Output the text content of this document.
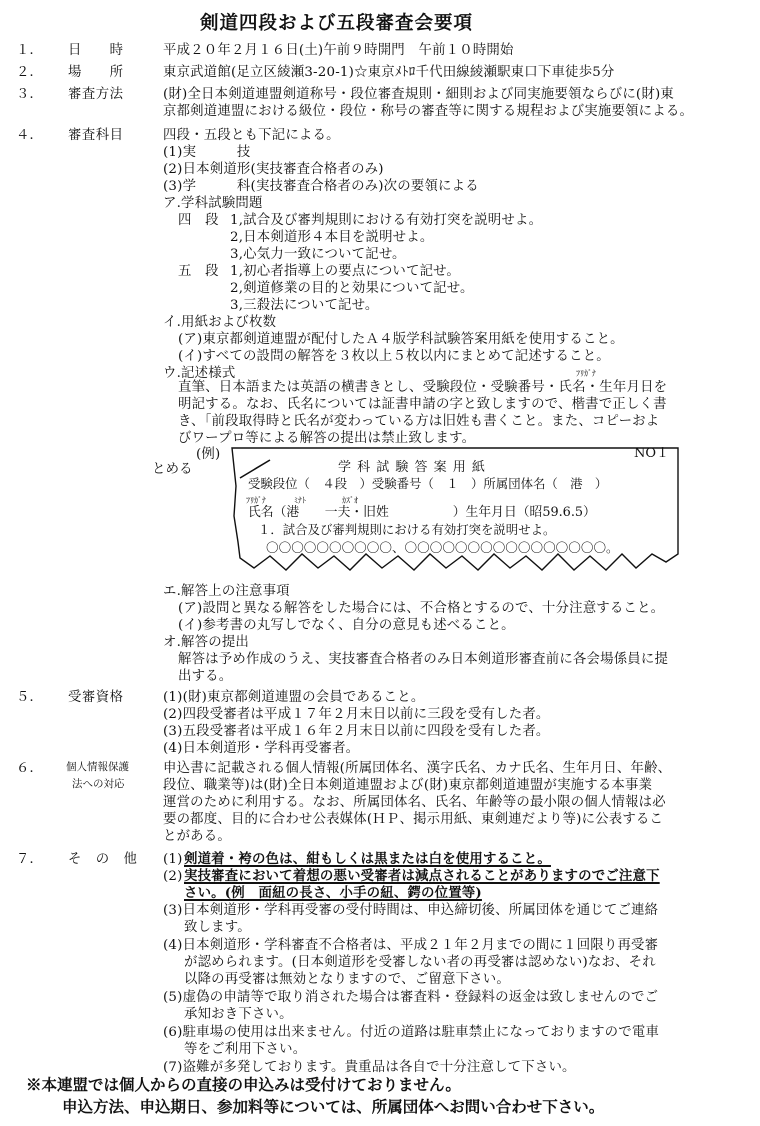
剣道四段および五段審査会要項
１.	日　　時	平成２０年２月１６日(土)午前９時開門　午前１０時開始
２.	場　　所	東京武道館(足立区綾瀬3-20-1)☆東京ﾒﾄﾛ千代田線綾瀬駅東口下車徒歩5分
３.	審査方法	(財)全日本剣道連盟剣道称号・段位審査規則・細則および同実施要領ならびに(財)東
京都剣道連盟における級位・段位・称号の審査等に関する規程および実施要領による。
４.	審査科目	四段・五段とも下記による。
(1)実　　　技
(2)日本剣道形(実技審査合格者のみ)
(3)学　　　科(実技審査合格者のみ)次の要領による
ア.学科試験問題
四　段 1,試合及び審判規則における有効打突を説明せよ。
2,日本剣道形４本目を説明せよ。
3,心気力一致について記せ。
五　段 1,初心者指導上の要点について記せ。
2,剣道修業の目的と効果について記せ。
3,三殺法について記せ。
イ.用紙および枚数
(ア)東京都剣道連盟が配付したＡ４版学科試験答案用紙を使用すること。
(イ)すべての設問の解答を３枚以上５枚以内にまとめて記述すること。
ウ.記述様式	ﾌﾘｶﾞﾅ
直筆、日本語または英語の横書きとし、受験段位・受験番号・氏名・生年月日を
明記する。なお、氏名については証書申請の字と致しますので、楷書で正しく書
き、「前段取得時と氏名が変わっている方は旧姓も書くこと。また、コピーおよ
びワープロ等による解答の提出は禁止致します。
(例)
とめる
NO１
学 科 試 験 答 案 用 紙
受験段位（　４段　）受験番号（　１　）所属団体名（　港　）
ﾌﾘｶﾞﾅ	ﾐﾅﾄ	ｶｽﾞｵ
氏名（港　　一夫・旧姓　　　　　）生年月日（昭59.6.5）
１．試合及び審判規則における有効打突を説明せよ。
〇〇〇〇〇〇〇〇〇〇、〇〇〇〇〇〇〇〇〇〇〇〇〇〇〇〇。
エ.解答上の注意事項
(ア)設問と異なる解答をした場合には、不合格とするので、十分注意すること。
(イ)参考書の丸写しでなく、自分の意見も述べること。
オ.解答の提出
解答は予め作成のうえ、実技審査合格者のみ日本剣道形審査前に各会場係員に提
出する。
５.	受審資格	(1)(財)東京都剣道連盟の会員であること。
(2)四段受審者は平成１７年２月末日以前に三段を受有した者。
(3)五段受審者は平成１６年２月末日以前に四段を受有した者。
(4)日本剣道形・学科再受審者。
６.	個人情報保護
法への対応
申込書に記載される個人情報(所属団体名、漢字氏名、カナ氏名、生年月日、年齢、
段位、職業等)は(財)全日本剣道連盟および(財)東京都剣道連盟が実施する本事業
運営のために利用する。なお、所属団体名、氏名、年齢等の最小限の個人情報は必
要の都度、目的に合わせ公表媒体(ＨＰ、掲示用紙、東剣連だより等)に公表するこ
とがある。
７.	そ　の　他 (1) 剣道着・袴の色は、紺もしくは黒または白を使用すること。
(2) 実技審査において着想の悪い受審者は減点されることがありますのでご注意下
さい。(例　面紐の長さ、小手の紐、鍔の位置等)
(3)日本剣道形・学科再受審の受付時間は、申込締切後、所属団体を通じてご連絡
致します。
(4)日本剣道形・学科審査不合格者は、平成２１年２月までの間に１回限り再受審
が認められます。(日本剣道形を受審しない者の再受審は認めない)なお、それ
以降の再受審は無効となりますので、ご留意下さい。
(5)虚偽の申請等で取り消された場合は審査料・登録料の返金は致しませんのでご
承知おき下さい。
(6)駐車場の使用は出来ません。付近の道路は駐車禁止になっておりますので電車
等をご利用下さい。
(7)盗難が多発しております。貴重品は各自で十分注意して下さい。
※本連盟では個人からの直接の申込みは受付けておりません。
申込方法、申込期日、参加料等については、所属団体へお問い合わせ下さい。
